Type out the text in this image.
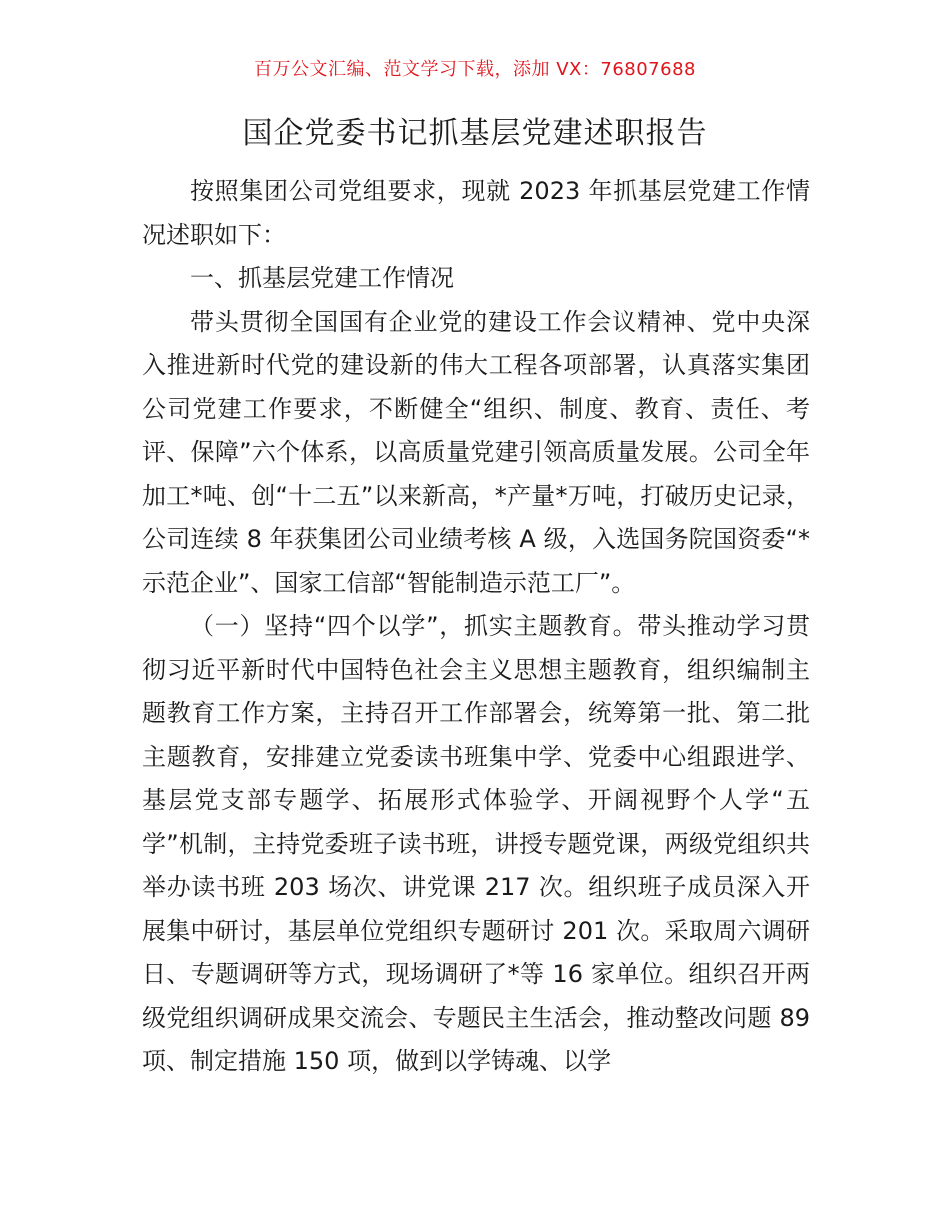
百万公文汇编、范文学习下载，添加 VX：76807688
国企党委书记抓基层党建述职报告

按照集团公司党组要求，现就 2023 年抓基层党建工作情况述职如下：

一、抓基层党建工作情况

带头贯彻全国国有企业党的建设工作会议精神、党中央深入推进新时代党的建设新的伟大工程各项部署，认真落实集团公司党建工作要求，不断健全“组织、制度、教育、责任、考评、保障”六个体系，以高质量党建引领高质量发展。公司全年加工*吨、创“十二五”以来新高，*产量*万吨，打破历史记录，公司连续 8 年获集团公司业绩考核 A 级，入选国务院国资委“*示范企业”、国家工信部“智能制造示范工厂”。

（一）坚持“四个以学”，抓实主题教育。带头推动学习贯彻习近平新时代中国特色社会主义思想主题教育，组织编制主题教育工作方案，主持召开工作部署会，统筹第一批、第二批主题教育，安排建立党委读书班集中学、党委中心组跟进学、基层党支部专题学、拓展形式体验学、开阔视野个人学“五学”机制，主持党委班子读书班，讲授专题党课，两级党组织共举办读书班 203 场次、讲党课 217 次。组织班子成员深入开展集中研讨，基层单位党组织专题研讨 201 次。采取周六调研日、专题调研等方式，现场调研了*等 16 家单位。组织召开两级党组织调研成果交流会、专题民主生活会，推动整改问题 89 项、制定措施 150 项，做到以学铸魂、以学
